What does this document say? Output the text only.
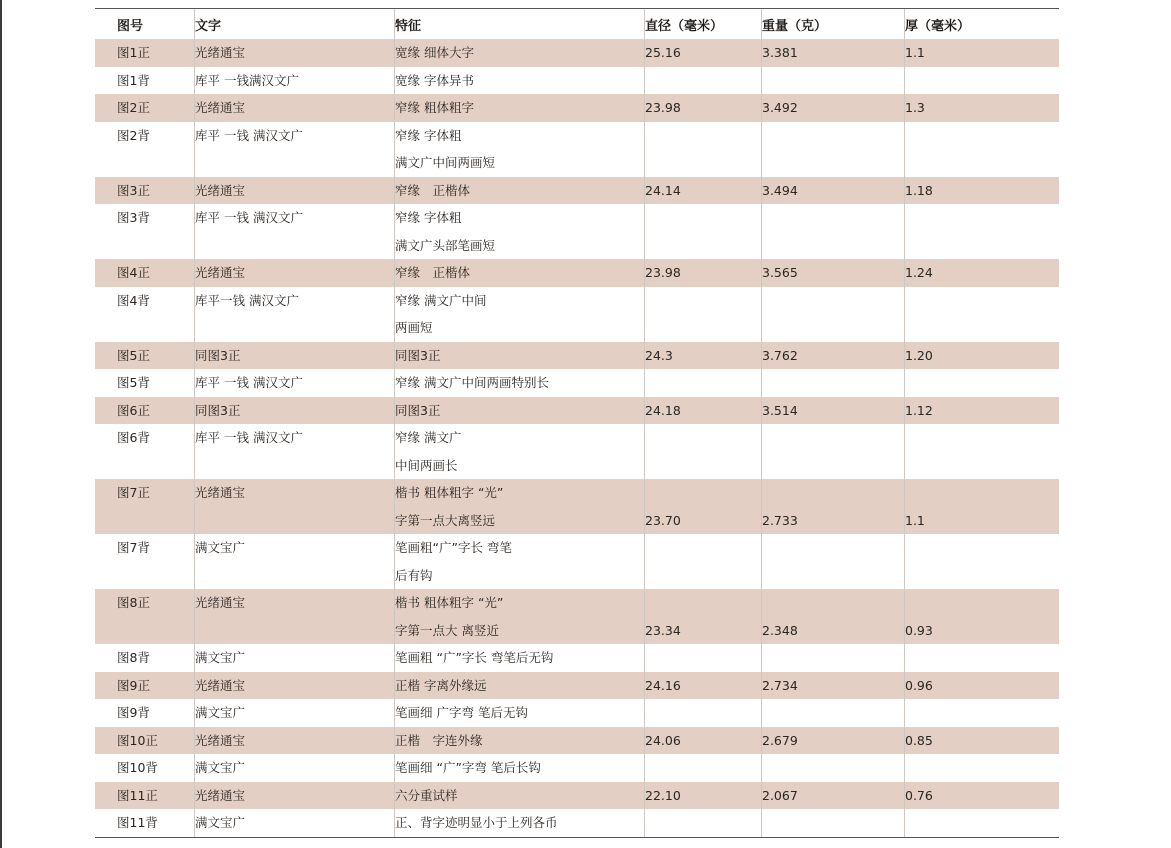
图号	文字	特征	直径（毫米）	重量（克）	厚（毫米）
图1正	光绪通宝	宽缘 细体大字	25.16	3.381	1.1
图1背	库平 一钱满汉文广	宽缘 字体异书
图2正	光绪通宝	窄缘 粗体粗字	23.98	3.492	1.3
图2背	库平 一钱 满汉文广	窄缘 字体粗
满文广中间两画短
图3正	光绪通宝	窄缘　正楷体	24.14	3.494	1.18
图3背	库平 一钱 满汉文广	窄缘 字体粗
满文广头部笔画短
图4正	光绪通宝	窄缘　正楷体	23.98	3.565	1.24
图4背	库平一钱 满汉文广	窄缘 满文广中间
两画短
图5正	同图3正	同图3正	24.3	3.762	1.20
图5背	库平 一钱 满汉文广	窄缘 满文广中间两画特别长
图6正	同图3正	同图3正	24.18	3.514	1.12
图6背	库平 一钱 满汉文广	窄缘 满文广
中间两画长
图7正	光绪通宝	楷书 粗体粗字 “光”
字第一点大离竖远	23.70	2.733	1.1
图7背	满文宝广	笔画粗“广”字长 弯笔
后有钩
图8正	光绪通宝	楷书 粗体粗字 “光”
字第一点大 离竖近	23.34	2.348	0.93
图8背	满文宝广	笔画粗 “广”字长 弯笔后无钩
图9正	光绪通宝	正楷 字离外缘远	24.16	2.734	0.96
图9背	满文宝广	笔画细 广字弯 笔后无钩
图10正	光绪通宝	正楷　字连外缘	24.06	2.679	0.85
图10背	满文宝广	笔画细 “广”字弯 笔后长钩
图11正	光绪通宝	六分重试样	22.10	2.067	0.76
图11背	满文宝广	正、背字迹明显小于上列各币
